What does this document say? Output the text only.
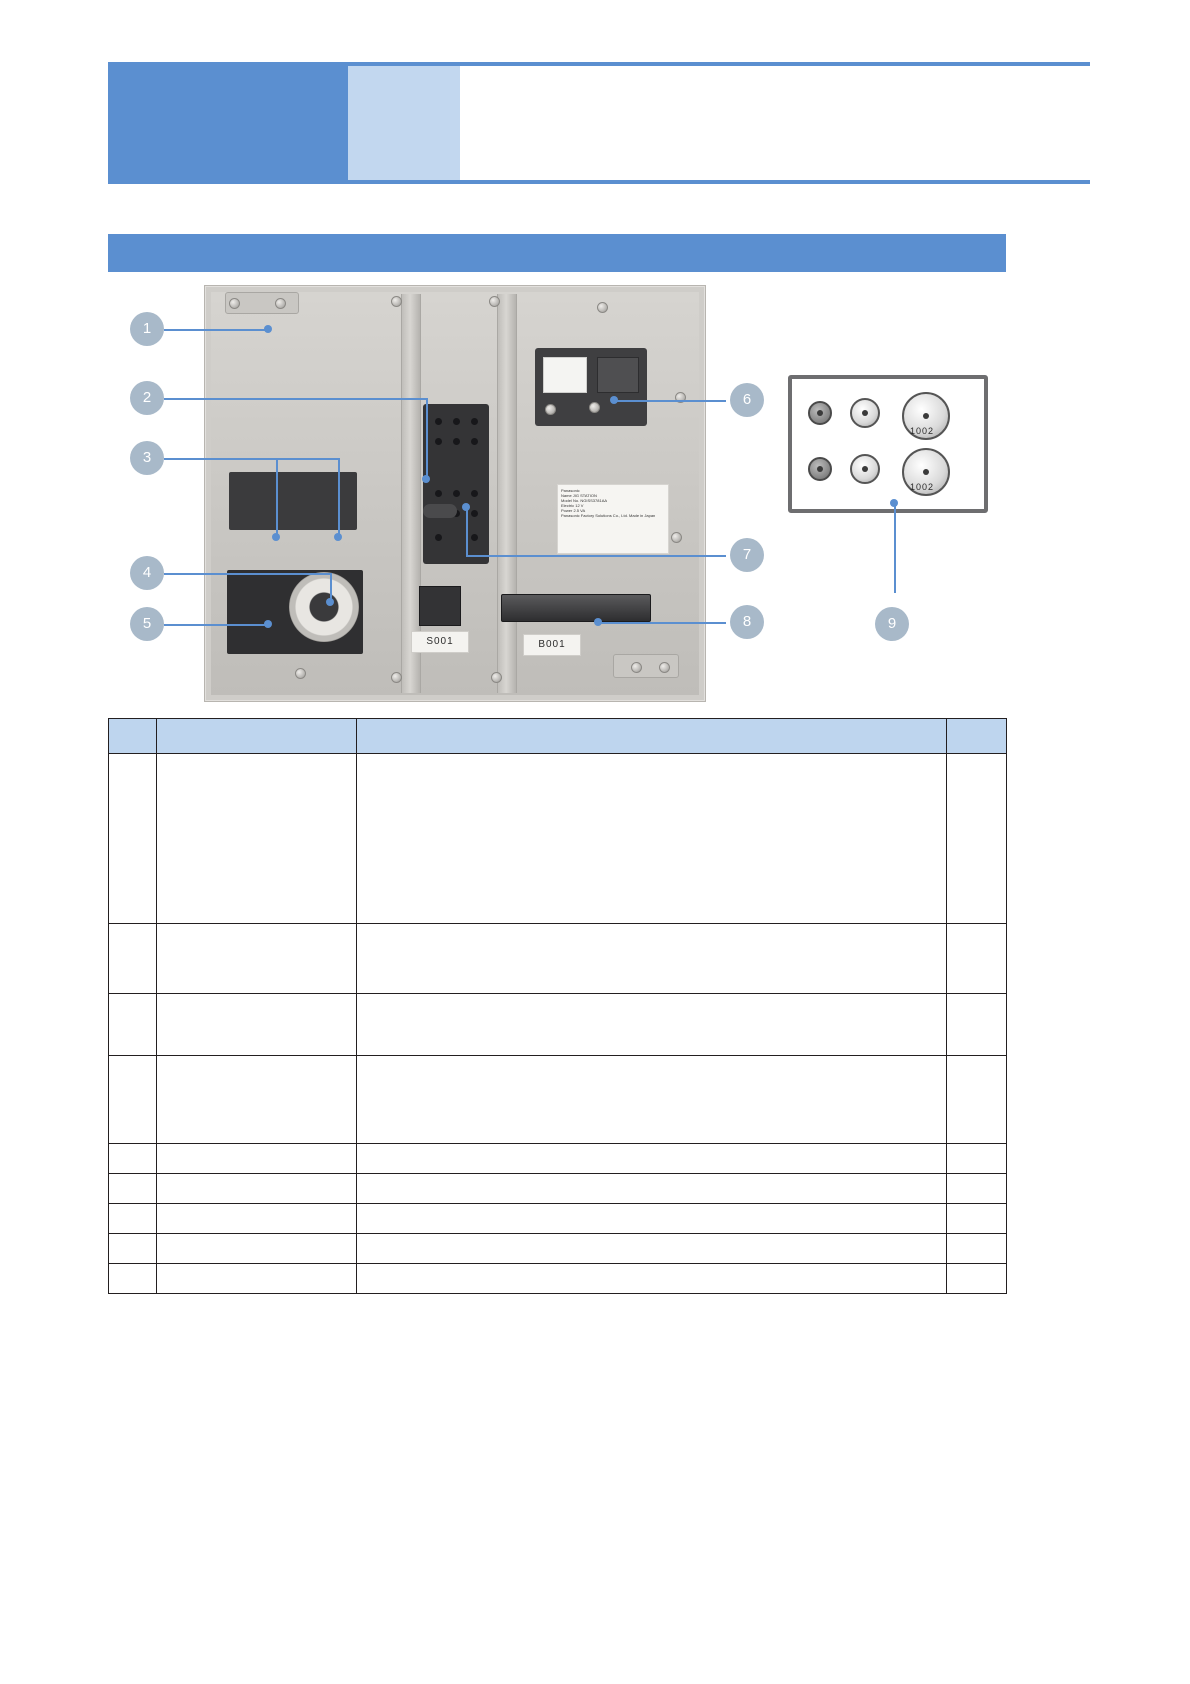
Panasonic
Name JIG STATION
Model No. NGISS3781AA
Electric 12 V
Power 2.5 VA
Panasonic Factory Solutions Co., Ltd. Made in Japan
S001	B001
1002
1002
1
2
3
4
5
6
7
8	9
